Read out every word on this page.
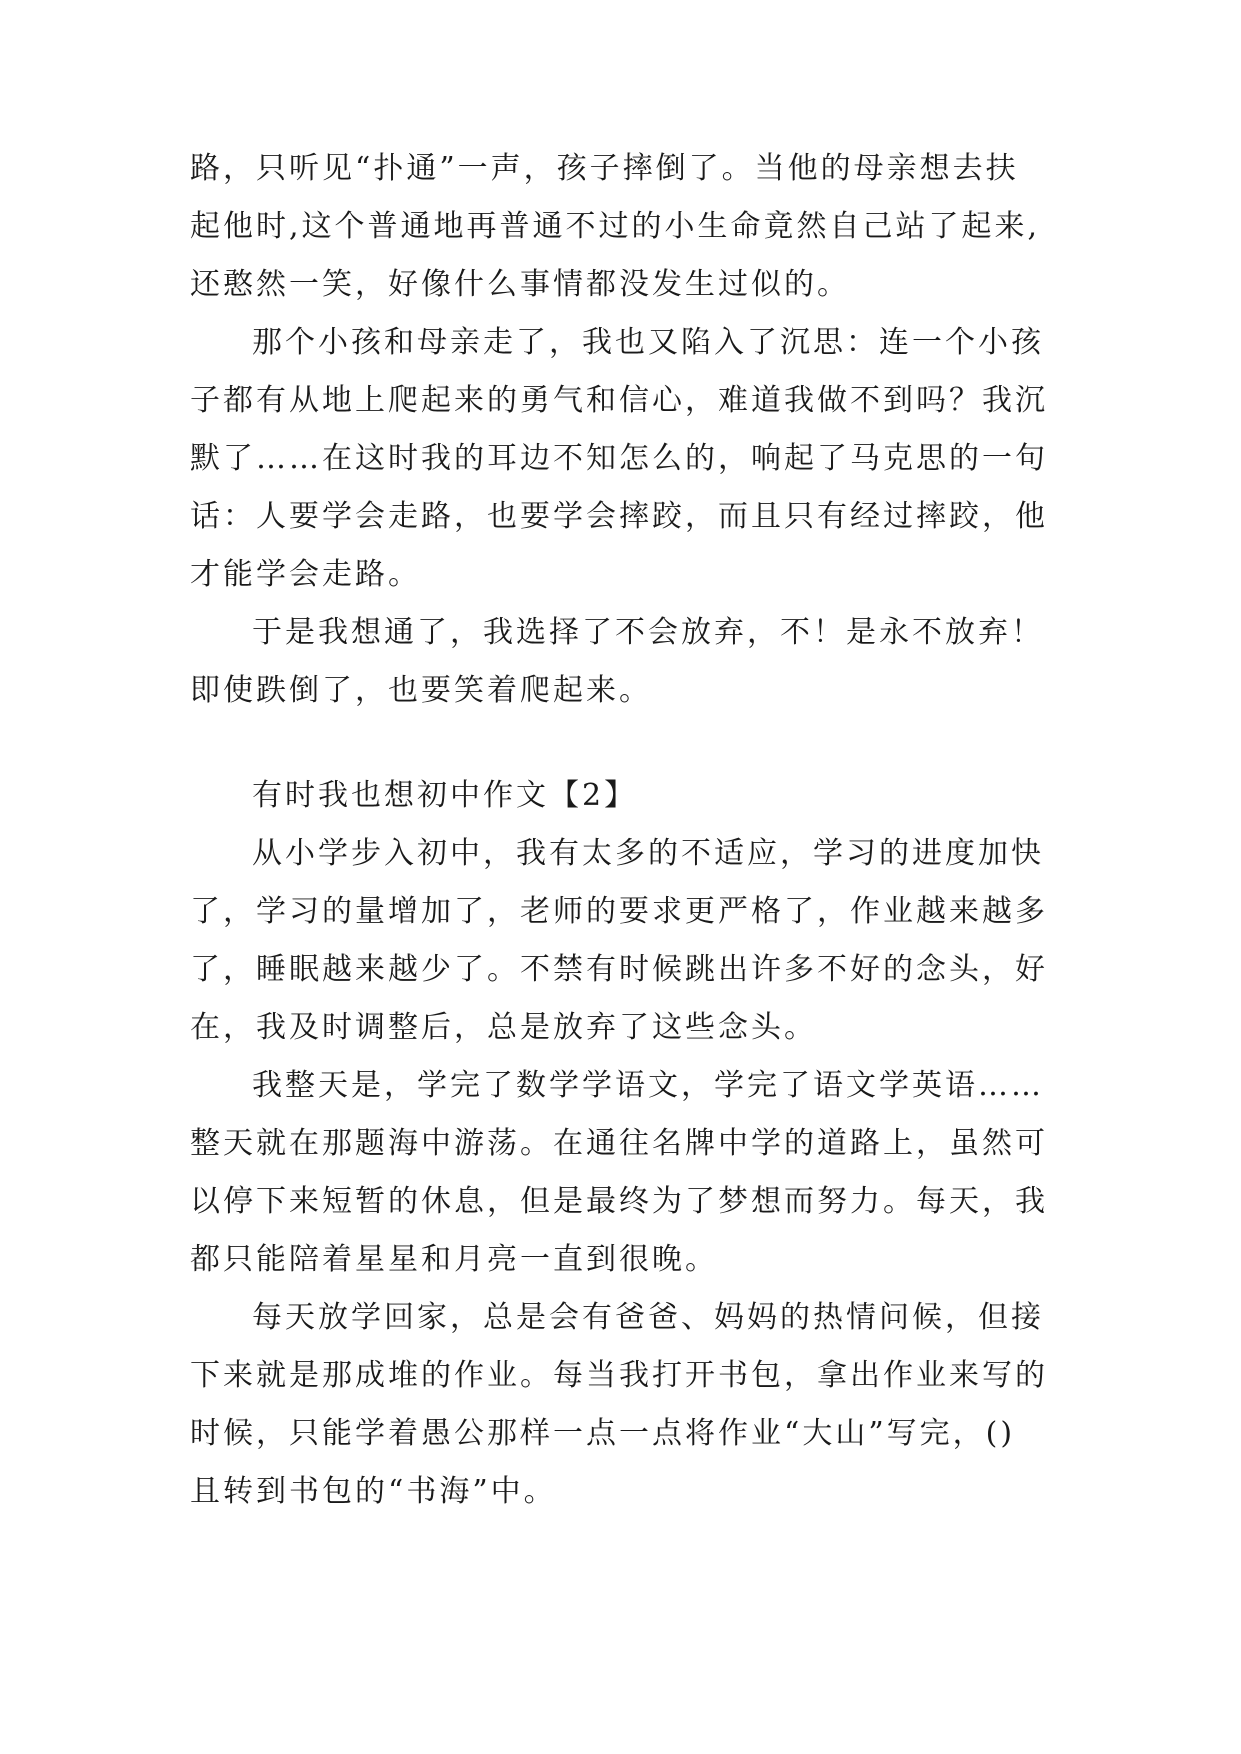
路，只听见“扑通”一声，孩子摔倒了。当他的母亲想去扶
起他时,这个普通地再普通不过的小生命竟然自己站了起来,
还憨然一笑，好像什么事情都没发生过似的。
那个小孩和母亲走了，我也又陷入了沉思：连一个小孩
子都有从地上爬起来的勇气和信心，难道我做不到吗？我沉
默了……在这时我的耳边不知怎么的，响起了马克思的一句
话：人要学会走路，也要学会摔跤，而且只有经过摔跤，他
才能学会走路。
于是我想通了，我选择了不会放弃，不！是永不放弃！
即使跌倒了，也要笑着爬起来。
有时我也想初中作文【2】
从小学步入初中，我有太多的不适应，学习的进度加快
了，学习的量增加了，老师的要求更严格了，作业越来越多
了，睡眠越来越少了。不禁有时候跳出许多不好的念头，好
在，我及时调整后，总是放弃了这些念头。
我整天是，学完了数学学语文，学完了语文学英语……
整天就在那题海中游荡。在通往名牌中学的道路上，虽然可
以停下来短暂的休息，但是最终为了梦想而努力。每天，我
都只能陪着星星和月亮一直到很晚。
每天放学回家，总是会有爸爸、妈妈的热情问候，但接
下来就是那成堆的作业。每当我打开书包，拿出作业来写的
时候，只能学着愚公那样一点一点将作业“大山”写完，()
且转到书包的“书海”中。
